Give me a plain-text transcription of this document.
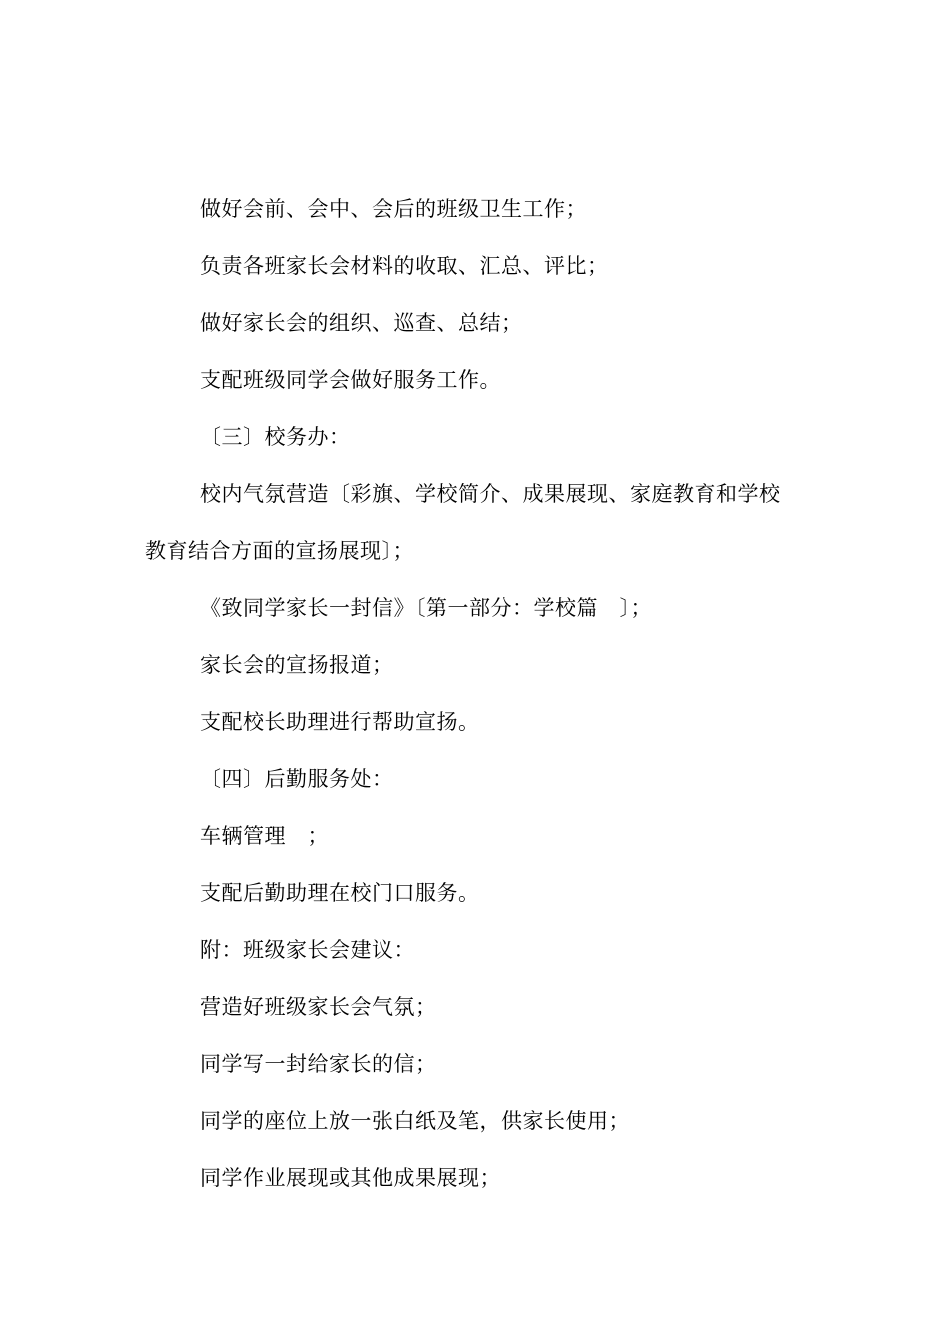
做好会前、会中、会后的班级卫生工作；
负责各班家长会材料的收取、汇总、评比；
做好家长会的组织、巡查、总结；
支配班级同学会做好服务工作。
〔三〕校务办：
校内气氛营造〔彩旗、学校简介、成果展现、家庭教育和学校
教育结合方面的宣扬展现〕；
《致同学家长一封信》〔第一部分：学校篇　〕；
家长会的宣扬报道；
支配校长助理进行帮助宣扬。
〔四〕后勤服务处：
车辆管理　；
支配后勤助理在校门口服务。
附：班级家长会建议：
营造好班级家长会气氛；
同学写一封给家长的信；
同学的座位上放一张白纸及笔，供家长使用；
同学作业展现或其他成果展现；
